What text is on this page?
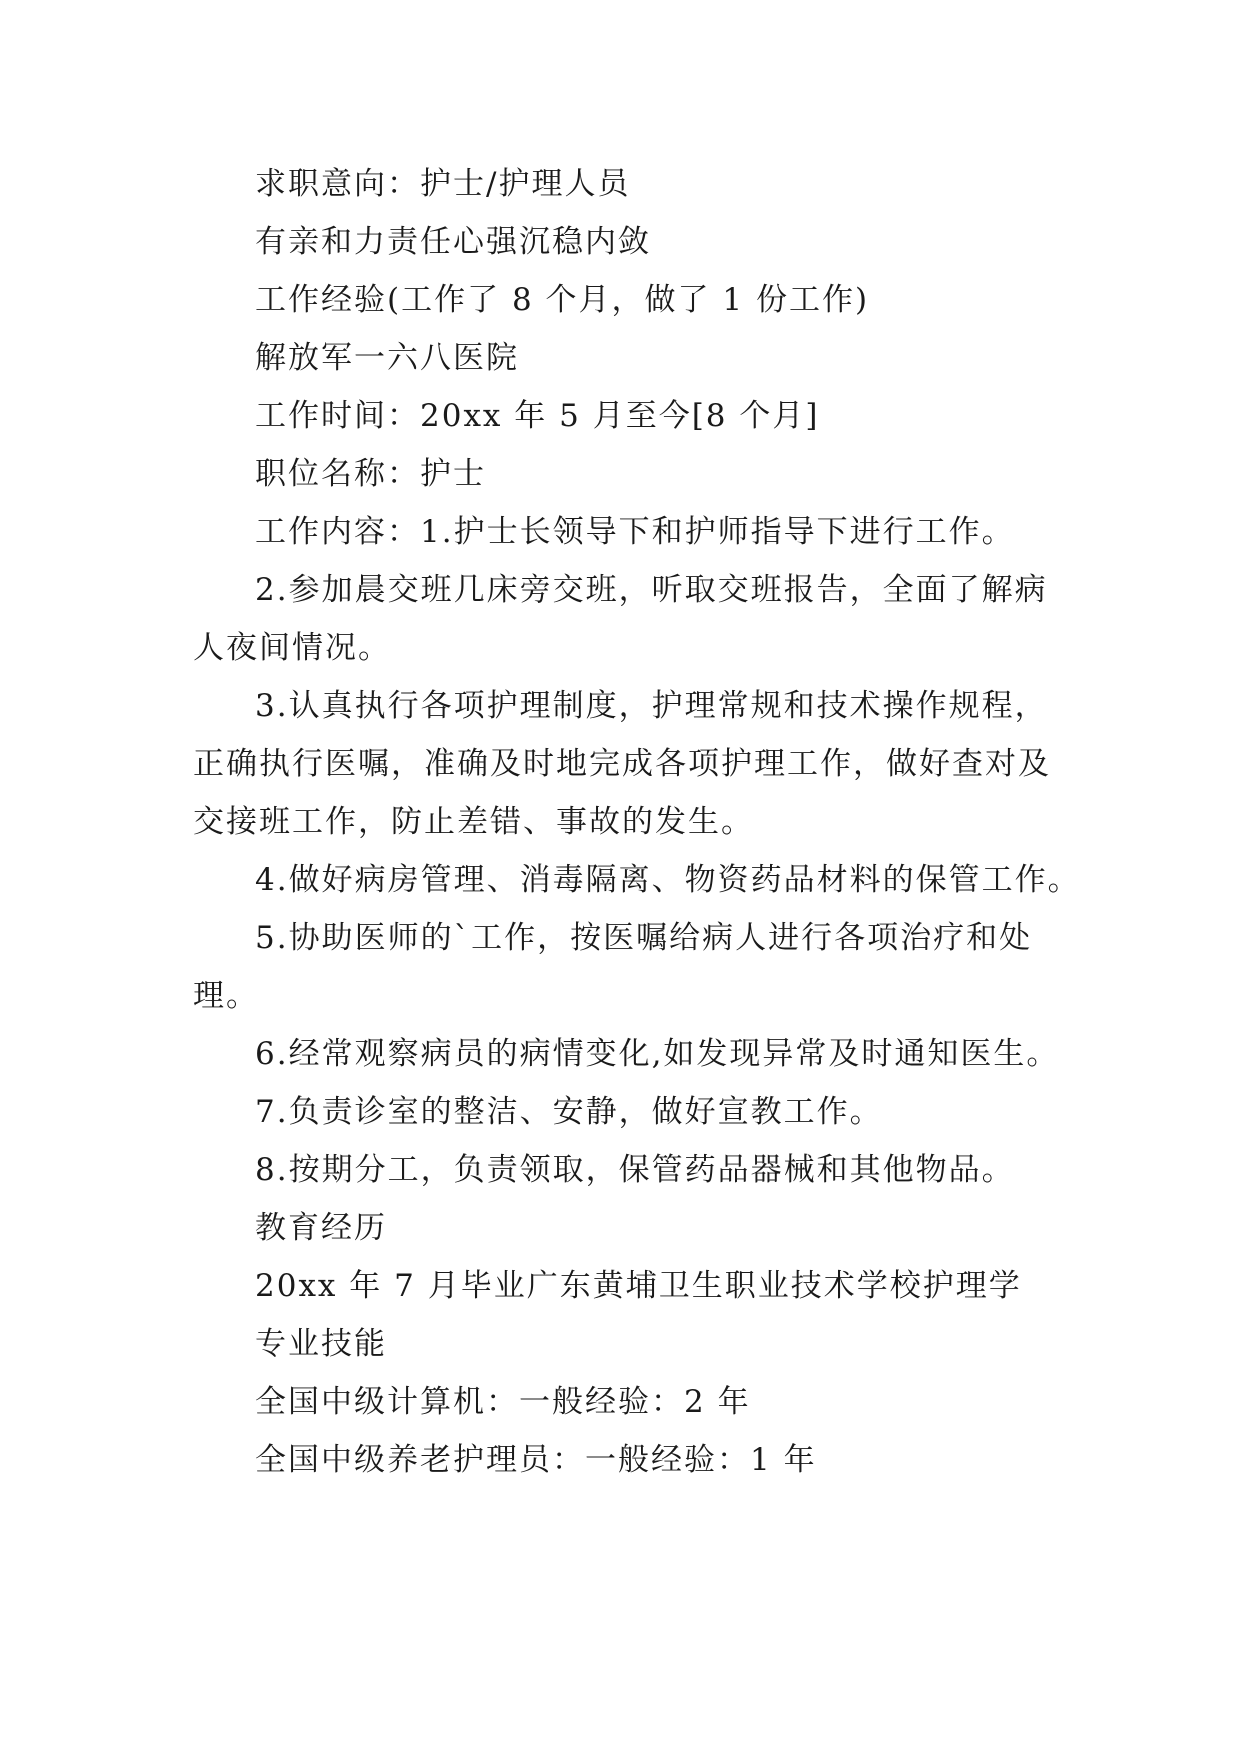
求职意向：护士/护理人员
有亲和力责任心强沉稳内敛
工作经验(工作了 8 个月，做了 1 份工作)
解放军一六八医院
工作时间：20xx 年 5 月至今[8 个月]
职位名称：护士
工作内容：1.护士长领导下和护师指导下进行工作。
2.参加晨交班几床旁交班，听取交班报告，全面了解病
人夜间情况。
3.认真执行各项护理制度，护理常规和技术操作规程，
正确执行医嘱，准确及时地完成各项护理工作，做好查对及
交接班工作，防止差错、事故的发生。
4.做好病房管理、消毒隔离、物资药品材料的保管工作。
5.协助医师的`工作，按医嘱给病人进行各项治疗和处
理。
6.经常观察病员的病情变化,如发现异常及时通知医生。
7.负责诊室的整洁、安静，做好宣教工作。
8.按期分工，负责领取，保管药品器械和其他物品。
教育经历
20xx 年 7 月毕业广东黄埔卫生职业技术学校护理学
专业技能
全国中级计算机：一般经验：2 年
全国中级养老护理员：一般经验：1 年
